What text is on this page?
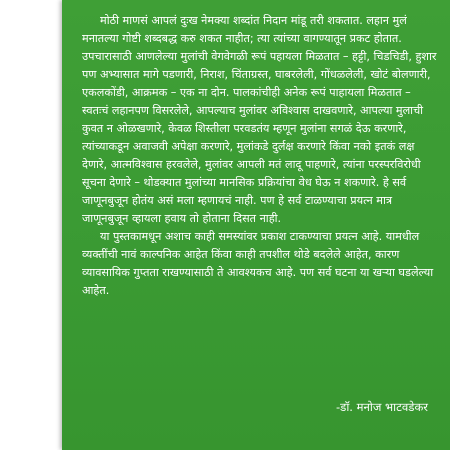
मोठी माणसं आपलं दुःख नेमक्या शब्दांत निदान मांडू तरी शकतात. लहान मुलं मनातल्या गोष्टी शब्दबद्ध करु शकत नाहीत; त्या त्यांच्या वागण्यातून प्रकट होतात. उपचारासाठी आणलेल्या मुलांची वेगवेगळी रूपं पहायला मिळतात – हट्टी, चिडचिडी, हुशार पण अभ्यासात मागे पडणारी, निराश, चिंताग्रस्त, घाबरलेली, गोंधळलेली, खोटं बोलणारी, एकलकोंडी, आक्रमक – एक ना दोन. पालकांचीही अनेक रूपं पाहायला मिळतात – स्वतःचं लहानपण विसरलेले, आपल्याच मुलांवर अविश्वास दाखवणारे, आपल्या मुलाची कुवत न ओळखणारे, केवळ शिस्तीला परवडतंय म्हणून मुलांना सगळं देऊ करणारे, त्यांच्याकडून अवाजवी अपेक्षा करणारे, मुलांकडे दुर्लक्ष करणारे किंवा नको इतकं लक्ष देणारे, आत्मविश्वास हरवलेले, मुलांवर आपली मतं लादू पाहणारे, त्यांना परस्परविरोधी सूचना देणारे – थोडक्यात मुलांच्या मानसिक प्रक्रियांचा वेध घेऊ न शकणारे. हे सर्व जाणूनबुजून होतंय असं मला म्हणायचं नाही. पण हे सर्व टाळण्याचा प्रयत्न मात्र जाणूनबुजून व्हायला हवाय तो होताना दिसत नाही.

या पुस्तकामधून अशाच काही समस्यांवर प्रकाश टाकण्याचा प्रयत्न आहे. यामधील व्यक्तींची नावं काल्पनिक आहेत किंवा काही तपशील थोडे बदलेले आहेत, कारण व्यावसायिक गुप्तता राखण्यासाठी ते आवश्यकच आहे. पण सर्व घटना या खऱ्या घडलेल्या आहेत.

-डॉ. मनोज भाटवडेकर
